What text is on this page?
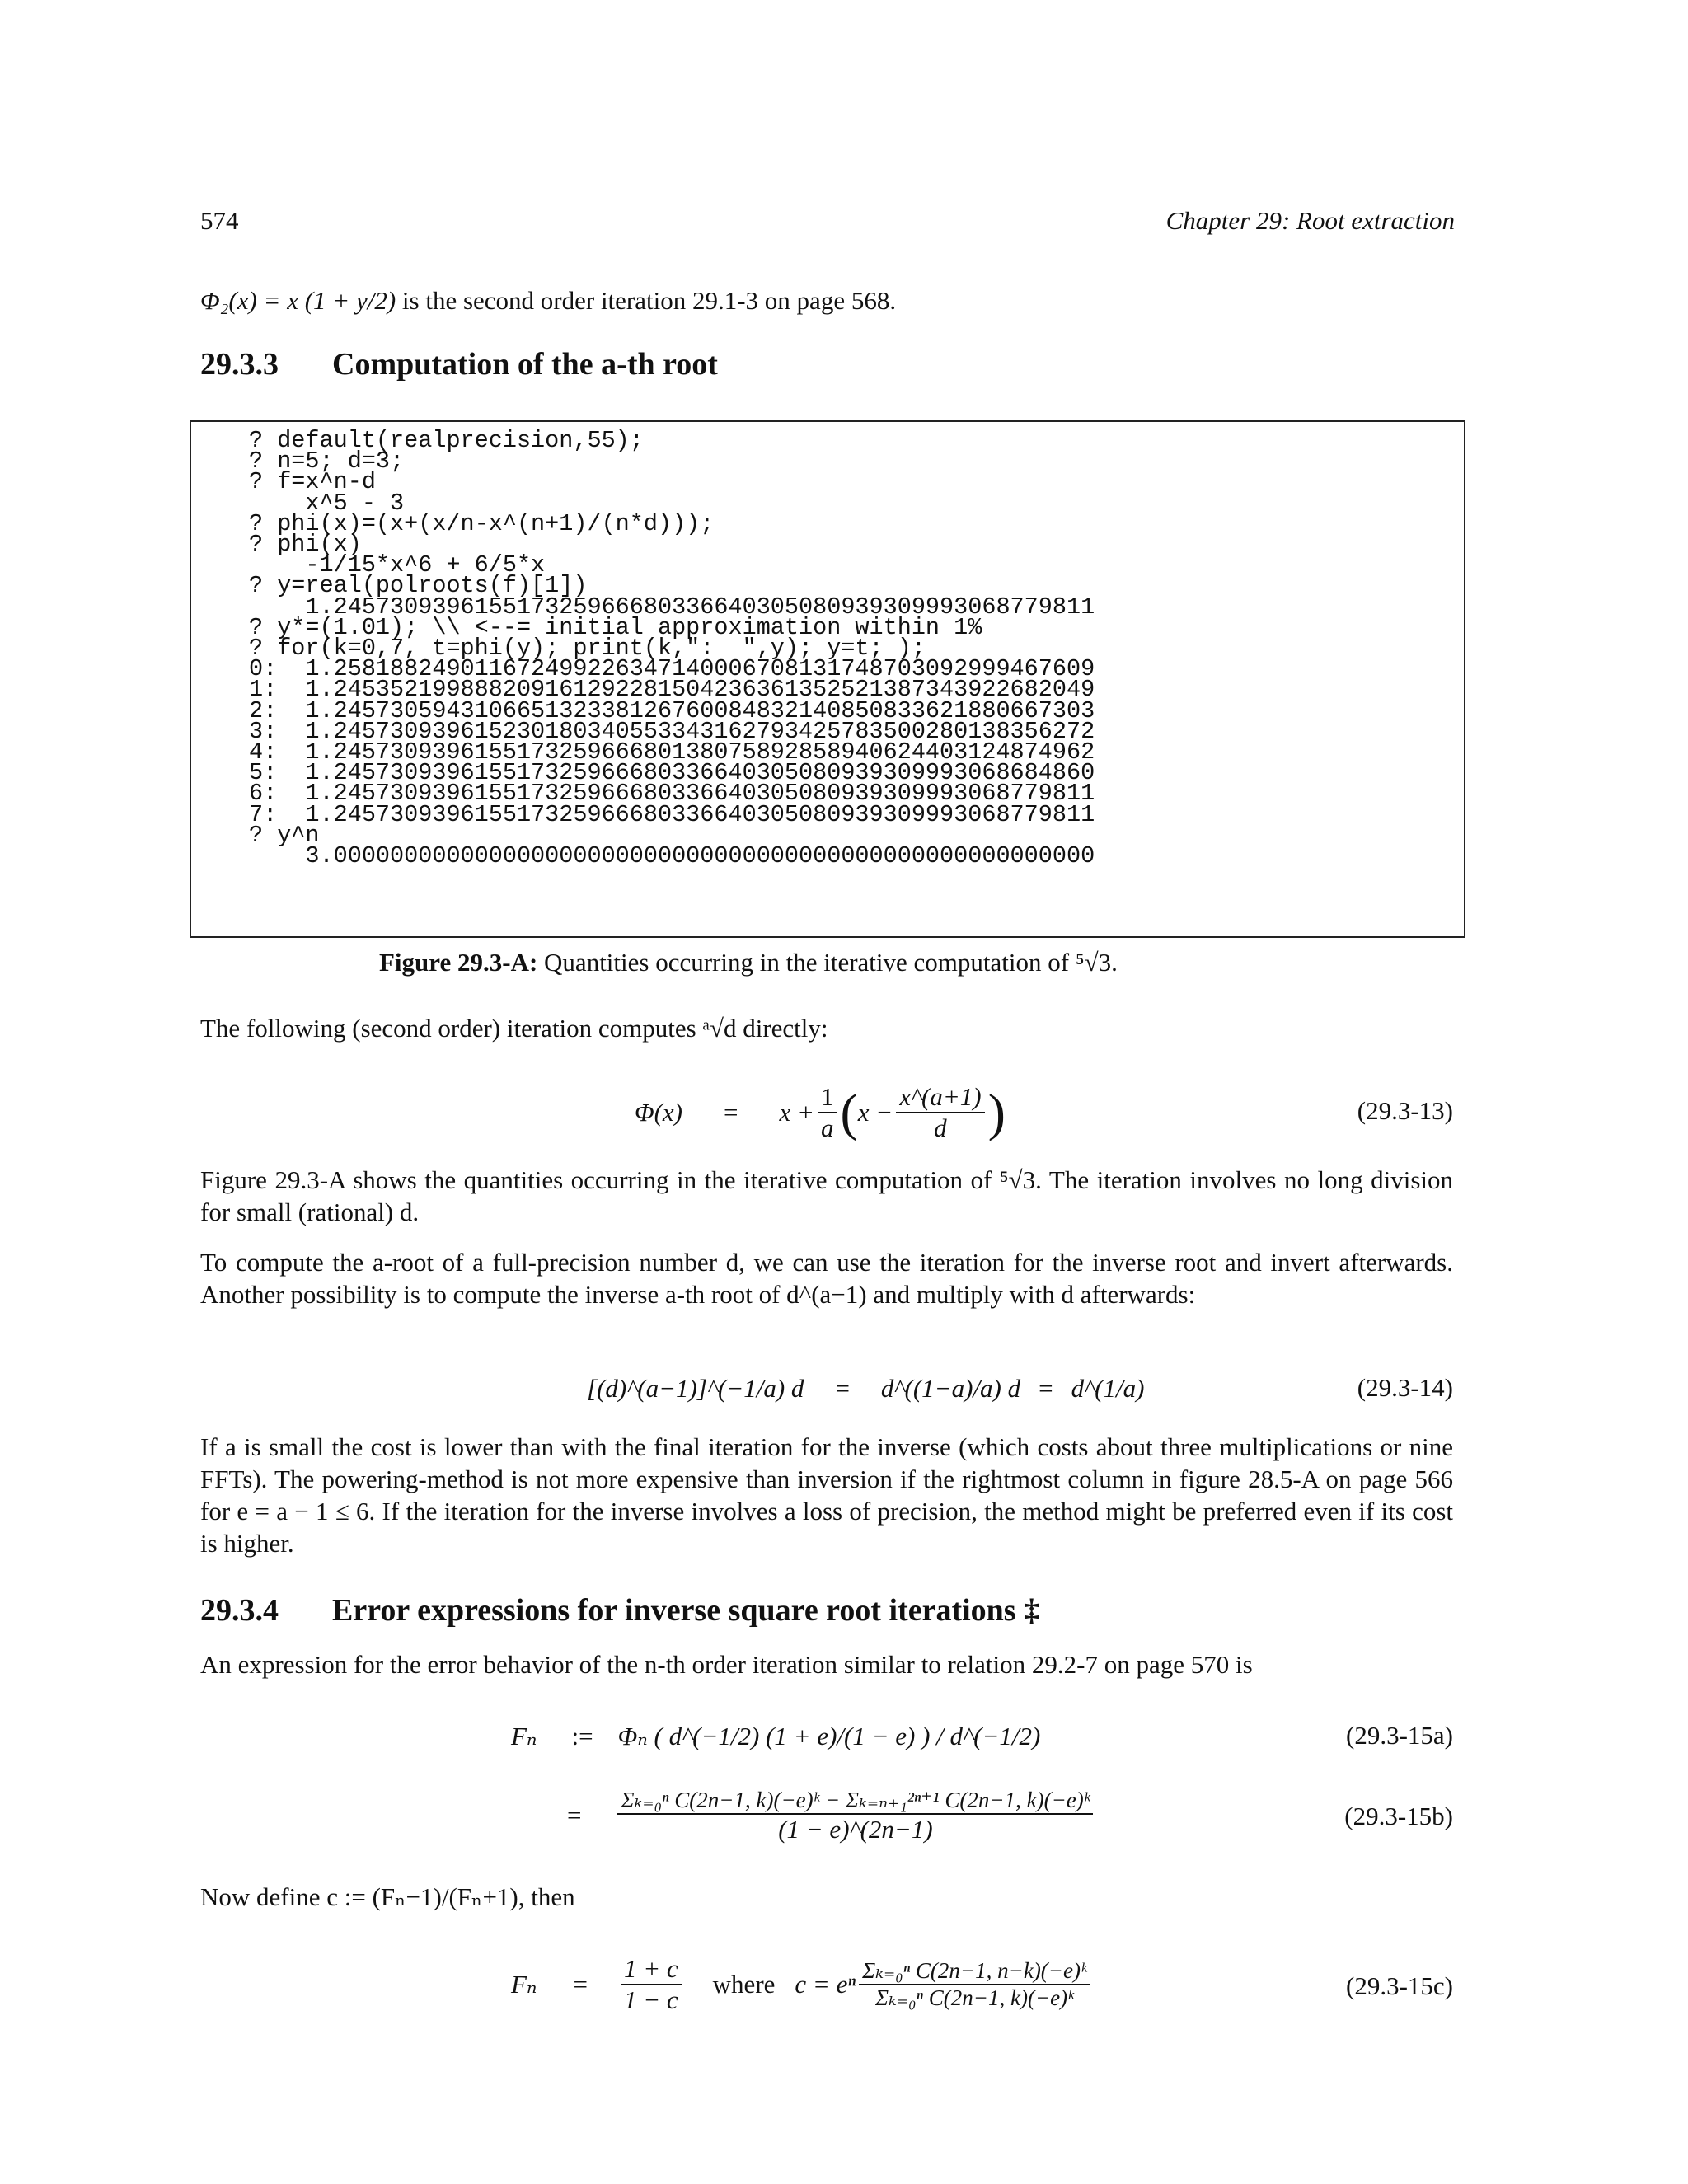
574	Chapter 29: Root extraction
Φ₂(x) = x (1 + y/2) is the second order iteration 29.1-3 on page 568.
29.3.3 Computation of the a-th root
? default(realprecision,55);
? n=5; d=3;
? f=x^n-d
x^5 - 3
? phi(x)=(x+(x/n-x^(n+1)/(n*d)));
? phi(x)
-1/15*x^6 + 6/5*x
? y=real(polroots(f)[1])
1.245730939615517325966680336640305080939309993068779811
? y*=(1.01); \\ <--= initial approximation within 1%
? for(k=0,7, t=phi(y); print(k,":  ",y); y=t; );
0:  1.258188249011672499226347140006708131748703092999467609
1:  1.245352199888209161292281504236361352521387343922682049
2:  1.245730594310665132338126760084832140850833621880667303
3:  1.245730939615230180340553343162793425783500280138356272
4:  1.245730939615517325966680138075892858940624403124874962
5:  1.245730939615517325966680336640305080939309993068684860
6:  1.245730939615517325966680336640305080939309993068779811
7:  1.245730939615517325966680336640305080939309993068779811
? y^n
3.000000000000000000000000000000000000000000000000000000
Figure 29.3-A: Quantities occurring in the iterative computation of ⁵√3.
The following (second order) iteration computes ᵃ√d directly:
$\Phi(x) = x + \frac{1}{a}$ ( $x - \frac{x\^{}(a+1)}{d}$ )	(29.3-13)
Figure 29.3-A shows the quantities occurring in the iterative computation of ⁵√3. The iteration involves no long division for small (rational) d.
To compute the a-root of a full-precision number d, we can use the iteration for the inverse root and invert afterwards. Another possibility is to compute the inverse a-th root of d^(a−1) and multiply with d afterwards:
[(d)^(a−1)]^(−1/a) d = d^((1−a)/a) d = d^(1/a)	(29.3-14)
If a is small the cost is lower than with the final iteration for the inverse (which costs about three multiplications or nine FFTs). The powering-method is not more expensive than inversion if the rightmost column in figure 28.5-A on page 566 for e = a − 1 ≤ 6. If the iteration for the inverse involves a loss of precision, the method might be preferred even if its cost is higher.
29.3.4 Error expressions for inverse square root iterations ‡
An expression for the error behavior of the n-th order iteration similar to relation 29.2-7 on page 570 is
Fₙ := Φₙ ( d^(−1/2) (1 + e)/(1 − e) ) / d^(−1/2)	(29.3-15a)
= $\frac{\text{Σₖ₌₀ⁿ C(2n−1, k)(−e)ᵏ − Σₖ₌ₙ₊₁²ⁿ⁺¹ C(2n−1, k)(−e)ᵏ}}{(1 - e)\^{}(2n-1)}$	(29.3-15b)
Now define c := (Fₙ−1)/(Fₙ+1), then
$F_n = \frac{1 + c}{1 - c}$ where c = eⁿ $\frac{\text{Σₖ₌₀ⁿ C(2n−1, n−k)(−e)ᵏ}}{\text{Σₖ₌₀ⁿ C(2n−1, k)(−e)ᵏ}}$	(29.3-15c)
